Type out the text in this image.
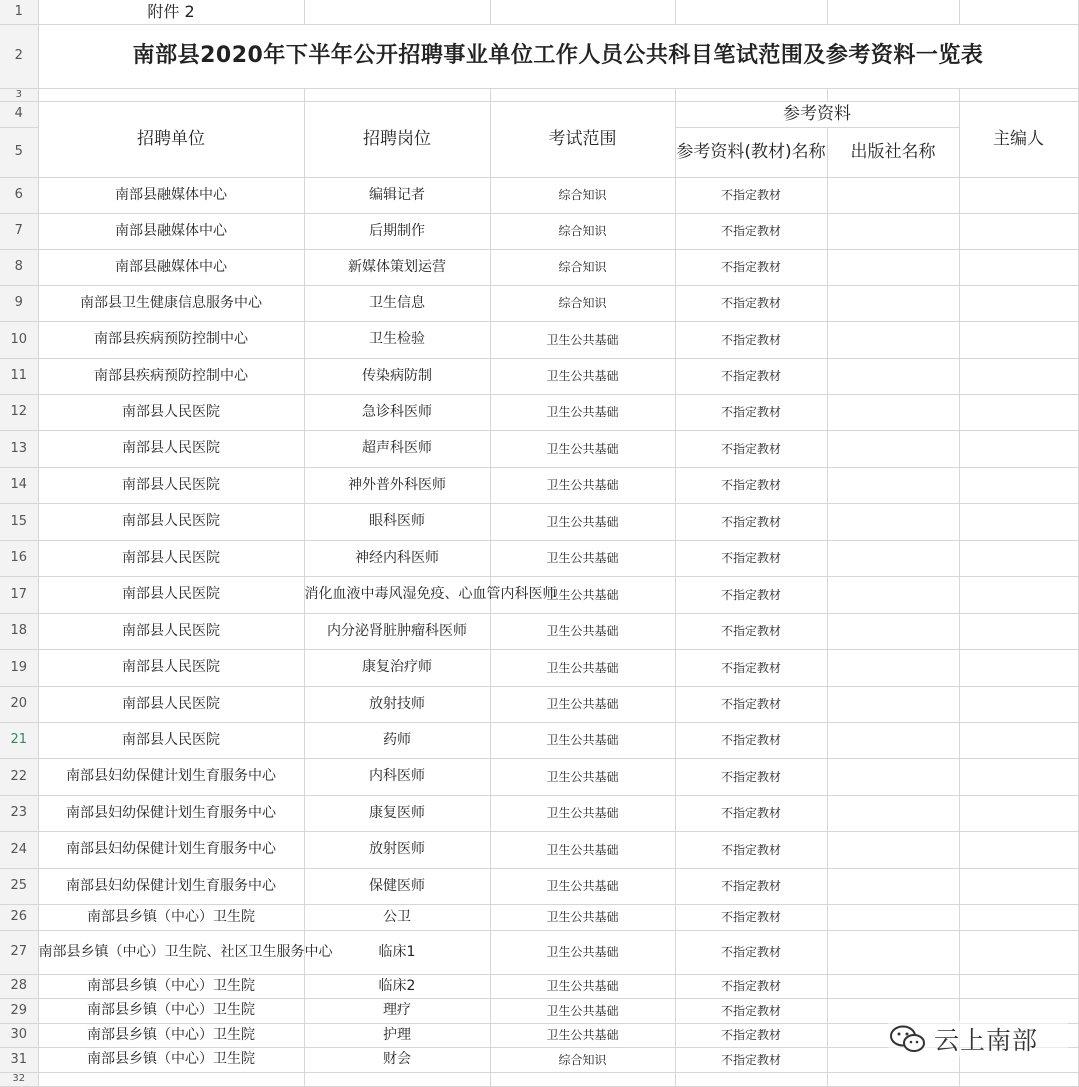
1	附件 2					
2	南部县2020年下半年公开招聘事业单位工作人员公共科目笔试范围及参考资料一览表					
3						
4	招聘单位	招聘岗位	考试范围	参考资料		主编人
5				参考资料(教材)名称	出版社名称	
6	南部县融媒体中心	编辑记者	综合知识	不指定教材		
7	南部县融媒体中心	后期制作	综合知识	不指定教材		
8	南部县融媒体中心	新媒体策划运营	综合知识	不指定教材		
9	南部县卫生健康信息服务中心	卫生信息	综合知识	不指定教材		
10	南部县疾病预防控制中心	卫生检验	卫生公共基础	不指定教材		
11	南部县疾病预防控制中心	传染病防制	卫生公共基础	不指定教材		
12	南部县人民医院	急诊科医师	卫生公共基础	不指定教材		
13	南部县人民医院	超声科医师	卫生公共基础	不指定教材		
14	南部县人民医院	神外普外科医师	卫生公共基础	不指定教材		
15	南部县人民医院	眼科医师	卫生公共基础	不指定教材		
16	南部县人民医院	神经内科医师	卫生公共基础	不指定教材		
17	南部县人民医院	消化血液中毒风湿免疫、心血管内科医师	卫生公共基础	不指定教材		
18	南部县人民医院	内分泌肾脏肿瘤科医师	卫生公共基础	不指定教材		
19	南部县人民医院	康复治疗师	卫生公共基础	不指定教材		
20	南部县人民医院	放射技师	卫生公共基础	不指定教材		
21	南部县人民医院	药师	卫生公共基础	不指定教材		
22	南部县妇幼保健计划生育服务中心	内科医师	卫生公共基础	不指定教材		
23	南部县妇幼保健计划生育服务中心	康复医师	卫生公共基础	不指定教材		
24	南部县妇幼保健计划生育服务中心	放射医师	卫生公共基础	不指定教材		
25	南部县妇幼保健计划生育服务中心	保健医师	卫生公共基础	不指定教材		
26	南部县乡镇（中心）卫生院	公卫	卫生公共基础	不指定教材		
27	南部县乡镇（中心）卫生院、社区卫生服务中心	临床1	卫生公共基础	不指定教材		
28	南部县乡镇（中心）卫生院	临床2	卫生公共基础	不指定教材		
29	南部县乡镇（中心）卫生院	理疗	卫生公共基础	不指定教材		
30	南部县乡镇（中心）卫生院	护理	卫生公共基础	不指定教材		
31	南部县乡镇（中心）卫生院	财会	综合知识	不指定教材		
32						
云上南部
